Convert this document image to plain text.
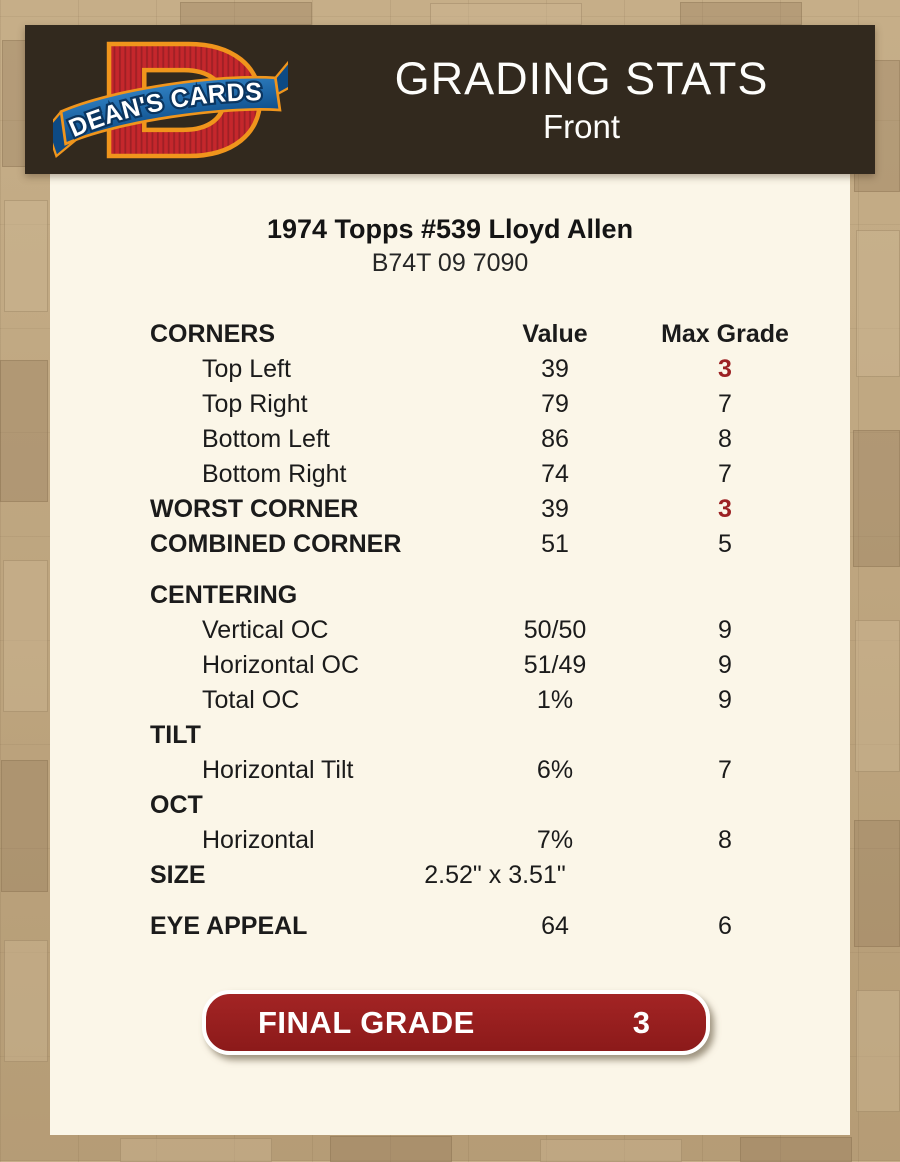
1974 Topps #539 Lloyd Allen
B74T 09 7090
CORNERS	Value	Max Grade
Top Left	39	3
Top Right	79	7
Bottom Left	86	8
Bottom Right	74	7
WORST CORNER	39	3
COMBINED CORNER	51	5
CENTERING
Vertical OC	50/50	9
Horizontal OC	51/49	9
Total OC	1%	9
TILT
Horizontal Tilt	6%	7
OCT
Horizontal	7%	8
SIZE	2.52" x 3.51"
EYE APPEAL	64	6
FINAL GRADE	3
DEAN'S CARDS	GRADING STATS
Front
